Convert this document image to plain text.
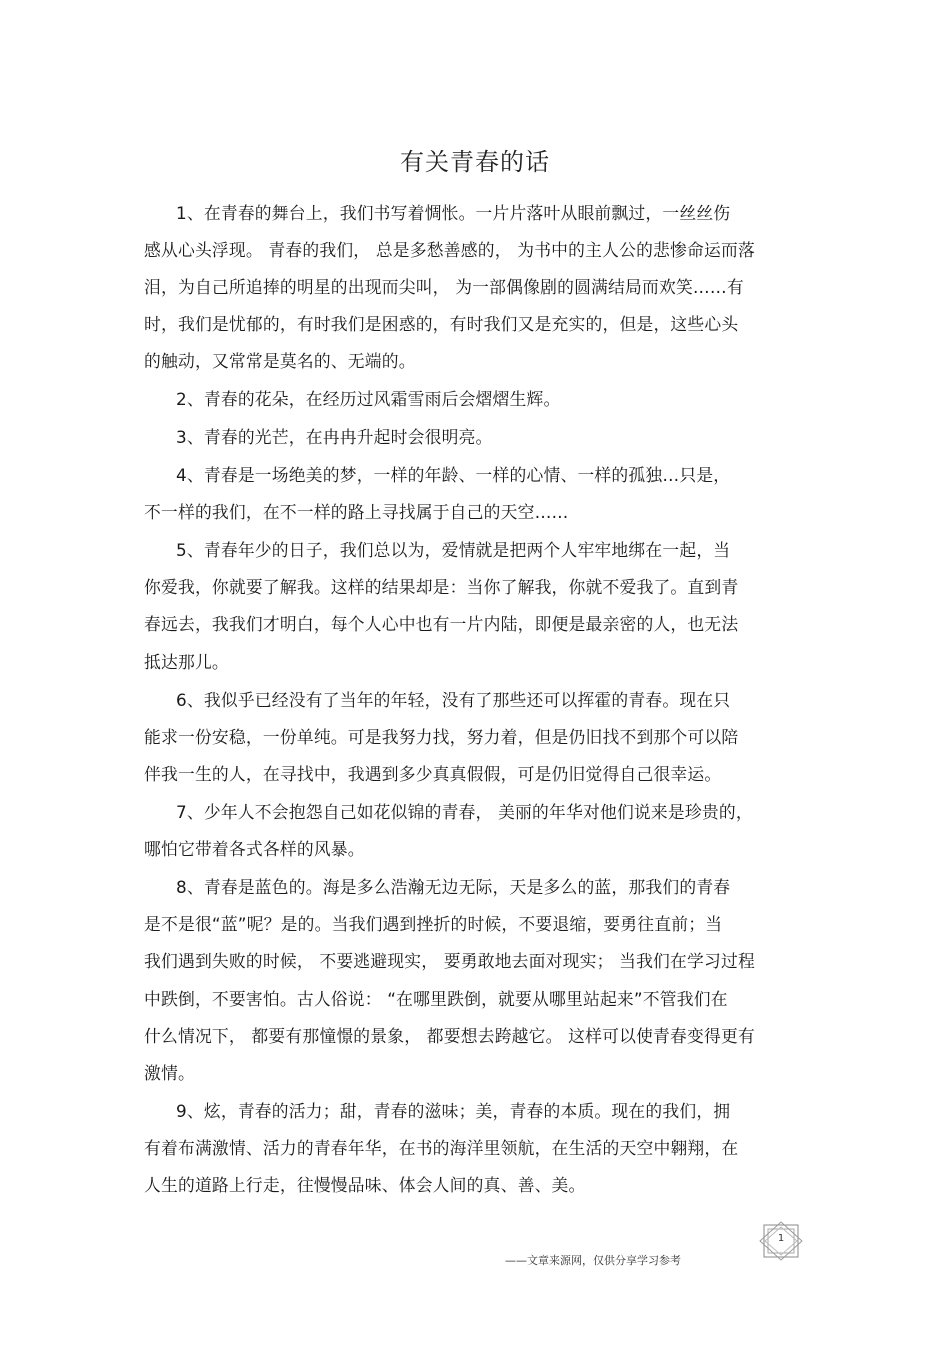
有关青春的话
1、在青春的舞台上，我们书写着惆怅。一片片落叶从眼前飘过，一丝丝伤
感从心头浮现。 青春的我们， 总是多愁善感的， 为书中的主人公的悲惨命运而落
泪，为自己所追捧的明星的出现而尖叫， 为一部偶像剧的圆满结局而欢笑……有
时，我们是忧郁的，有时我们是困惑的，有时我们又是充实的，但是，这些心头
的触动，又常常是莫名的、无端的。
2、青春的花朵，在经历过风霜雪雨后会熠熠生辉。
3、青春的光芒，在冉冉升起时会很明亮。
4、青春是一场绝美的梦，一样的年龄、一样的心情、一样的孤独…只是，
不一样的我们，在不一样的路上寻找属于自己的天空……
5、青春年少的日子，我们总以为，爱情就是把两个人牢牢地绑在一起，当
你爱我，你就要了解我。这样的结果却是：当你了解我，你就不爱我了。直到青
春远去，我我们才明白，每个人心中也有一片内陆，即便是最亲密的人，也无法
抵达那儿。
6、我似乎已经没有了当年的年轻，没有了那些还可以挥霍的青春。现在只
能求一份安稳，一份单纯。可是我努力找，努力着，但是仍旧找不到那个可以陪
伴我一生的人，在寻找中，我遇到多少真真假假，可是仍旧觉得自己很幸运。
7、少年人不会抱怨自己如花似锦的青春， 美丽的年华对他们说来是珍贵的，
哪怕它带着各式各样的风暴。
8、青春是蓝色的。海是多么浩瀚无边无际，天是多么的蓝，那我们的青春
是不是很“蓝”呢？是的。当我们遇到挫折的时候，不要退缩，要勇往直前；当
我们遇到失败的时候， 不要逃避现实， 要勇敢地去面对现实； 当我们在学习过程
中跌倒，不要害怕。古人俗说： “在哪里跌倒，就要从哪里站起来”不管我们在
什么情况下， 都要有那憧憬的景象， 都要想去跨越它。 这样可以使青春变得更有
激情。
9、炫，青春的活力；甜，青春的滋味；美，青春的本质。现在的我们，拥
有着布满激情、活力的青春年华，在书的海洋里领航，在生活的天空中翱翔，在
人生的道路上行走，往慢慢品味、体会人间的真、善、美。
——文章来源网，仅供分享学习参考
1
